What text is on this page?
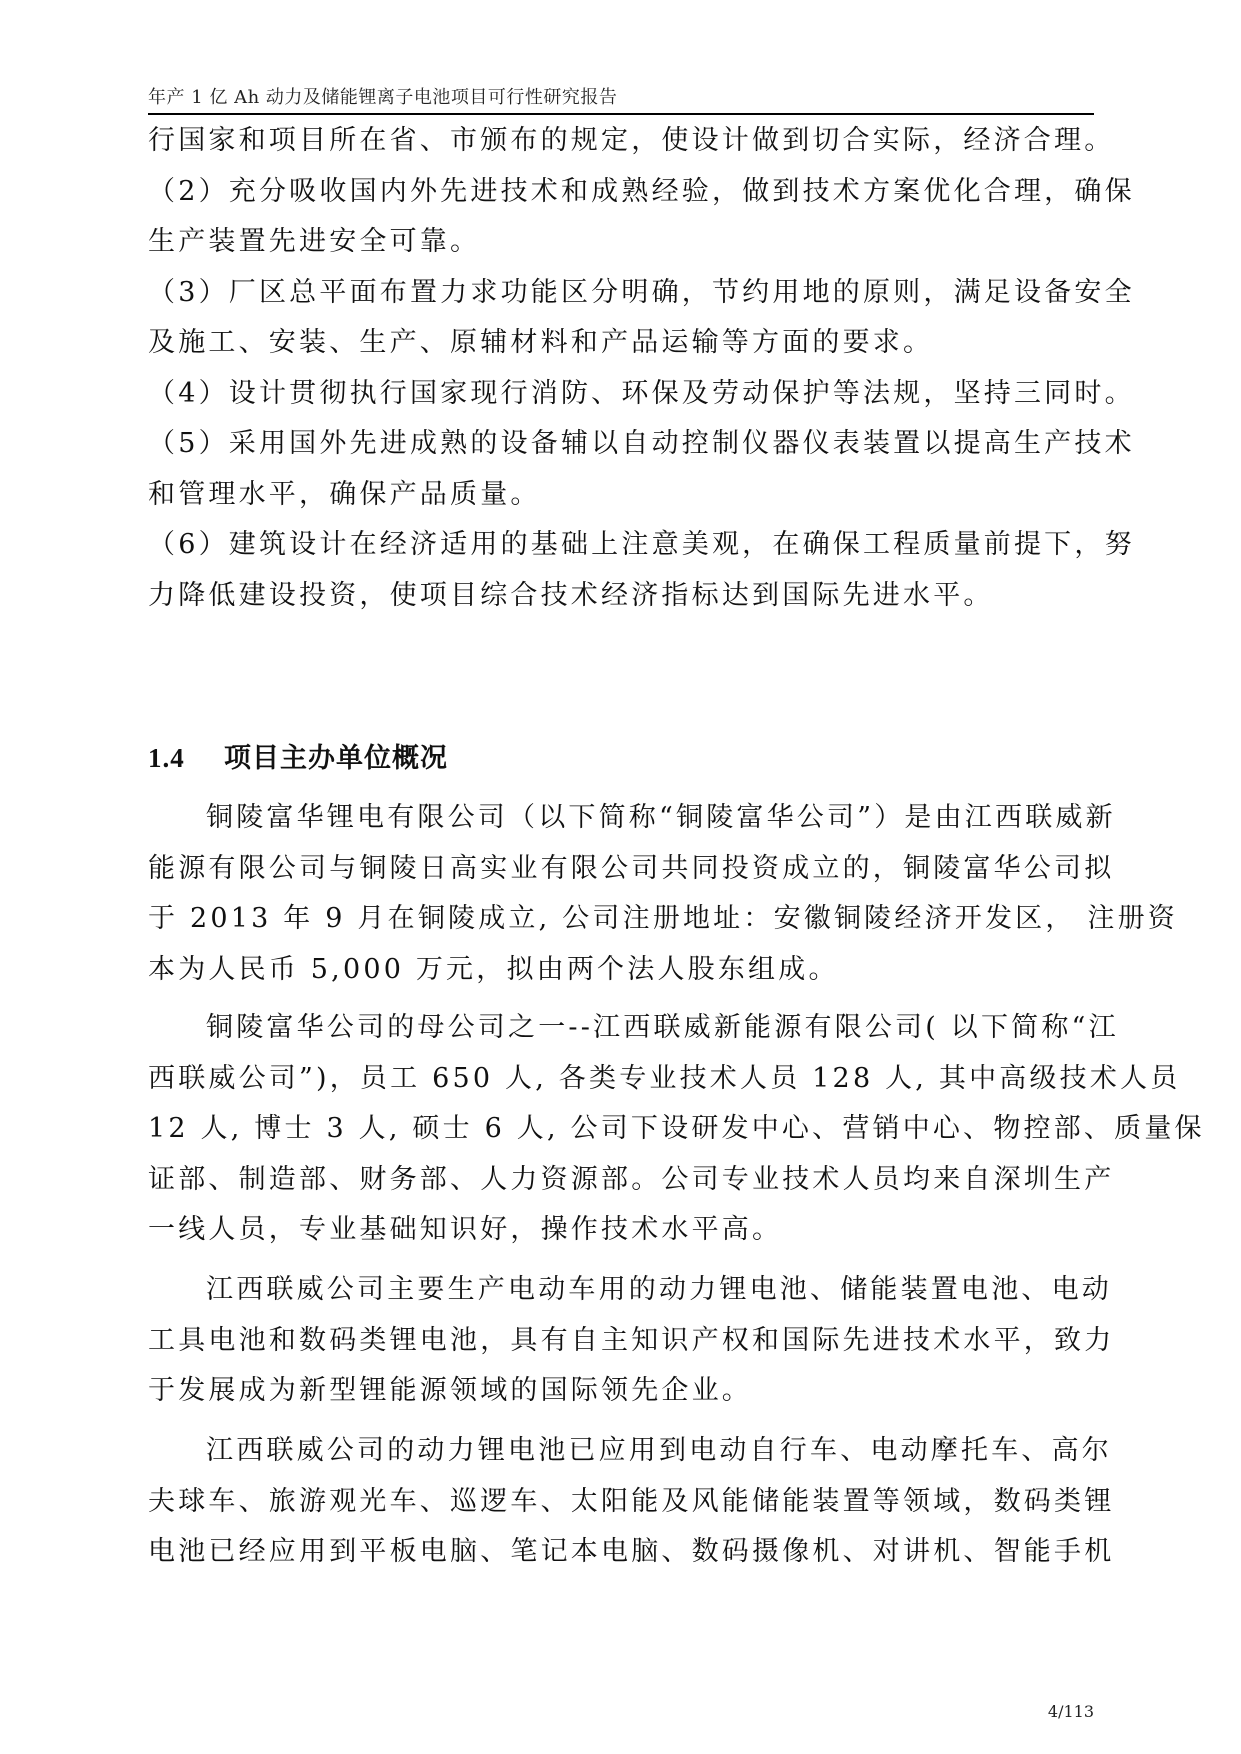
年产 1 亿 Ah 动力及储能锂离子电池项目可行性研究报告
行国家和项目所在省、市颁布的规定，使设计做到切合实际，经济合理。
（2）充分吸收国内外先进技术和成熟经验，做到技术方案优化合理，确保
生产装置先进安全可靠。
（3）厂区总平面布置力求功能区分明确，节约用地的原则，满足设备安全
及施工、安装、生产、原辅材料和产品运输等方面的要求。
（4）设计贯彻执行国家现行消防、环保及劳动保护等法规，坚持三同时。
（5）采用国外先进成熟的设备辅以自动控制仪器仪表装置以提高生产技术
和管理水平，确保产品质量。
（6）建筑设计在经济适用的基础上注意美观，在确保工程质量前提下，努
力降低建设投资，使项目综合技术经济指标达到国际先进水平。
1.4 项目主办单位概况
铜陵富华锂电有限公司（以下简称“铜陵富华公司”）是由江西联威新
能源有限公司与铜陵日高实业有限公司共同投资成立的，铜陵富华公司拟
于 2013 年 9 月在铜陵成立, 公司注册地址：安徽铜陵经济开发区， 注册资
本为人民币 5,000 万元，拟由两个法人股东组成。
铜陵富华公司的母公司之一--江西联威新能源有限公司( 以下简称“江
西联威公司”)，员工 650 人, 各类专业技术人员 128 人, 其中高级技术人员
12 人, 博士 3 人, 硕士 6 人, 公司下设研发中心、营销中心、物控部、质量保
证部、制造部、财务部、人力资源部。公司专业技术人员均来自深圳生产
一线人员，专业基础知识好，操作技术水平高。
江西联威公司主要生产电动车用的动力锂电池、储能装置电池、电动
工具电池和数码类锂电池，具有自主知识产权和国际先进技术水平，致力
于发展成为新型锂能源领域的国际领先企业。
江西联威公司的动力锂电池已应用到电动自行车、电动摩托车、高尔
夫球车、旅游观光车、巡逻车、太阳能及风能储能装置等领域，数码类锂
电池已经应用到平板电脑、笔记本电脑、数码摄像机、对讲机、智能手机
4/113
